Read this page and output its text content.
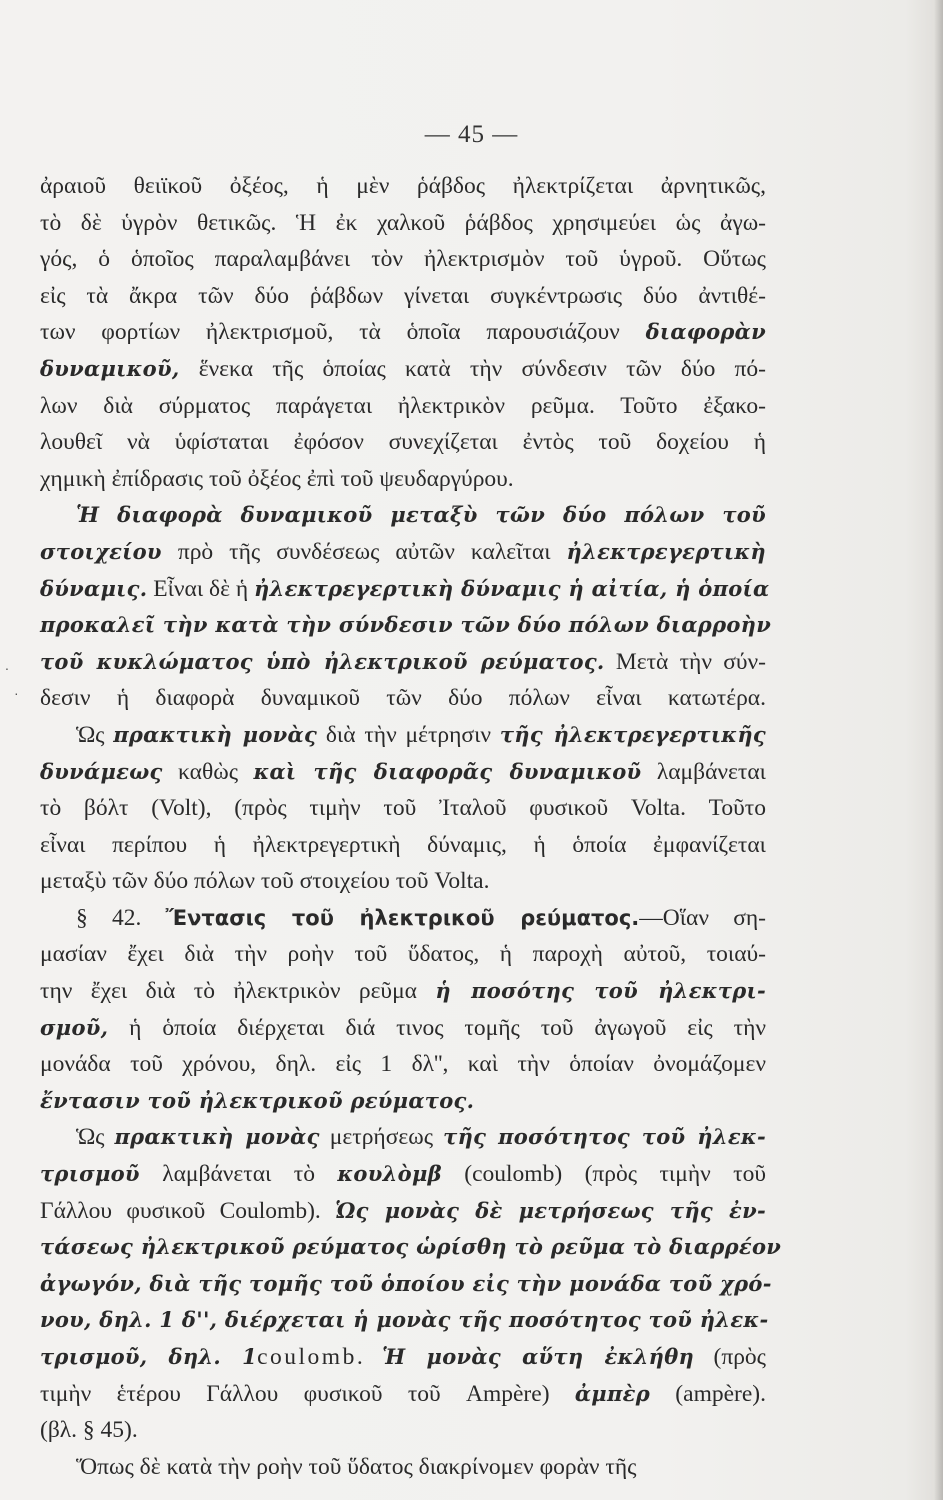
— 45 —
ἀραιοῦ θειϊκοῦ ὀξέος, ἡ μὲν ῥάβδος ἠλεκτρίζεται ἀρνητικῶς,
τὸ δὲ ὑγρὸν θετικῶς. Ἡ ἐκ χαλκοῦ ῥάβδος χρησιμεύει ὡς ἀγω-
γός, ὁ ὁποῖος παραλαμβάνει τὸν ἠλεκτρισμὸν τοῦ ὑγροῦ. Οὕτως
εἰς τὰ ἄκρα τῶν δύο ῥάβδων γίνεται συγκέντρωσις δύο ἀντιθέ-
των φορτίων ἠλεκτρισμοῦ, τὰ ὁποῖα παρουσιάζουν διαφορὰν
δυναμικοῦ, ἕνεκα τῆς ὁποίας κατὰ τὴν σύνδεσιν τῶν δύο πό-
λων διὰ σύρματος παράγεται ἠλεκτρικὸν ρεῦμα. Τοῦτο ἐξακο-
λουθεῖ νὰ ὑφίσταται ἐφόσον συνεχίζεται ἐντὸς τοῦ δοχείου ἡ
χημικὴ ἐπίδρασις τοῦ ὀξέος ἐπὶ τοῦ ψευδαργύρου.
Ἡ διαφορὰ δυναμικοῦ μεταξὺ τῶν δύο πόλων τοῦ
στοιχείου πρὸ τῆς συνδέσεως αὐτῶν καλεῖται ἠλεκτρεγερτικὴ
δύναμις. Εἶναι δὲ ἡ ἠλεκτρεγερτικὴ δύναμις ἡ αἰτία, ἡ ὁποία
προκαλεῖ τὴν κατὰ τὴν σύνδεσιν τῶν δύο πόλων διαρροὴν
τοῦ κυκλώματος ὑπὸ ἠλεκτρικοῦ ρεύματος. Μετὰ τὴν σύν-
δεσιν ἡ διαφορὰ δυναμικοῦ τῶν δύο πόλων εἶναι κατωτέρα.
Ὡς πρακτικὴ μονὰς διὰ τὴν μέτρησιν τῆς ἠλεκτρεγερτικῆς
δυνάμεως καθὼς καὶ τῆς διαφορᾶς δυναμικοῦ λαμβάνεται
τὸ βόλτ (Volt), (πρὸς τιμὴν τοῦ Ἰταλοῦ φυσικοῦ Volta. Τοῦτο
εἶναι περίπου ἡ ἠλεκτρεγερτικὴ δύναμις, ἡ ὁποία ἐμφανίζεται
μεταξὺ τῶν δύο πόλων τοῦ στοιχείου τοῦ Volta.
§ 42. Ἔντασις τοῦ ἠλεκτρικοῦ ρεύματος.—Οἵαν ση-
μασίαν ἔχει διὰ τὴν ροὴν τοῦ ὕδατος, ἡ παροχὴ αὐτοῦ, τοιαύ-
την ἔχει διὰ τὸ ἠλεκτρικὸν ρεῦμα ἡ ποσότης τοῦ ἠλεκτρι-
σμοῦ, ἡ ὁποία διέρχεται διά τινος τομῆς τοῦ ἀγωγοῦ εἰς τὴν
μονάδα τοῦ χρόνου, δηλ. εἰς 1 δλ'', καὶ τὴν ὁποίαν ὀνομάζομεν
ἔντασιν τοῦ ἠλεκτρικοῦ ρεύματος.
Ὡς πρακτικὴ μονὰς μετρήσεως τῆς ποσότητος τοῦ ἠλεκ-
τρισμοῦ λαμβάνεται τὸ κουλὸμβ (coulomb) (πρὸς τιμὴν τοῦ
Γάλλου φυσικοῦ Coulomb). Ὡς μονὰς δὲ μετρήσεως τῆς ἐν-
τάσεως ἠλεκτρικοῦ ρεύματος ὡρίσθη τὸ ρεῦμα τὸ διαρρέον
ἀγωγόν, διὰ τῆς τομῆς τοῦ ὁποίου εἰς τὴν μονάδα τοῦ χρό-
νου, δηλ. 1 δ'', διέρχεται ἡ μονὰς τῆς ποσότητος τοῦ ἠλεκ-
τρισμοῦ, δηλ. 1coulomb. Ἡ μονὰς αὕτη ἐκλήθη (πρὸς
τιμὴν ἑτέρου Γάλλου φυσικοῦ τοῦ Ampère) ἀμπὲρ (ampère).
(βλ. § 45).
Ὅπως δὲ κατὰ τὴν ροὴν τοῦ ὕδατος διακρίνομεν φορὰν τῆς
.
·
